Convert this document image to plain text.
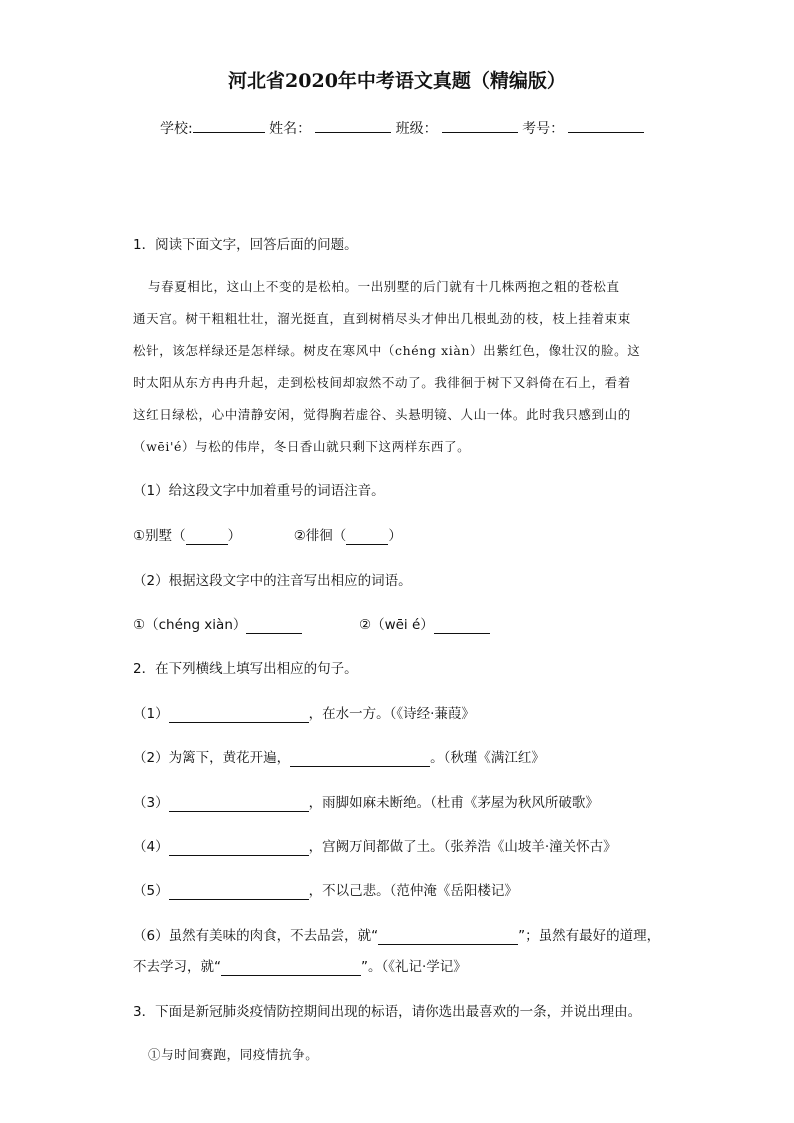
河北省2020年中考语文真题（精编版）
学校:	姓名：	班级：	考号：
1．阅读下面文字，回答后面的问题。
与春夏相比，这山上不变的是松柏。一出别墅的后门就有十几株两抱之粗的苍松直
通天宫。树干粗粗壮壮，溜光挺直，直到树梢尽头才伸出几根虬劲的枝，枝上挂着束束
松针，该怎样绿还是怎样绿。树皮在寒风中（chéng xiàn）出紫红色，像壮汉的脸。这
时太阳从东方冉冉升起，走到松枝间却寂然不动了。我徘徊于树下又斜倚在石上，看着
这红日绿松，心中清静安闲，觉得胸若虚谷、头悬明镜、人山一体。此时我只感到山的
（wēi'é）与松的伟岸，冬日香山就只剩下这两样东西了。
（1）给这段文字中加着重号的词语注音。
①别墅（	）	②徘徊（	）
（2）根据这段文字中的注音写出相应的词语。
①（chéng xiàn）	②（wēi é）
2．在下列横线上填写出相应的句子。
（1）	，在水一方。（《诗经·蒹葭》
（2）为篱下，黄花开遍，	。（秋瑾《满江红》
（3）	，雨脚如麻未断绝。（杜甫《茅屋为秋风所破歌》
（4）	，宫阙万间都做了土。（张养浩《山坡羊·潼关怀古》
（5）	，不以己悲。（范仲淹《岳阳楼记》
（6）虽然有美味的肉食，不去品尝，就“	”；虽然有最好的道理，
不去学习，就“	”。（《礼记·学记》
3．下面是新冠肺炎疫情防控期间出现的标语，请你选出最喜欢的一条，并说出理由。
①与时间赛跑，同疫情抗争。
